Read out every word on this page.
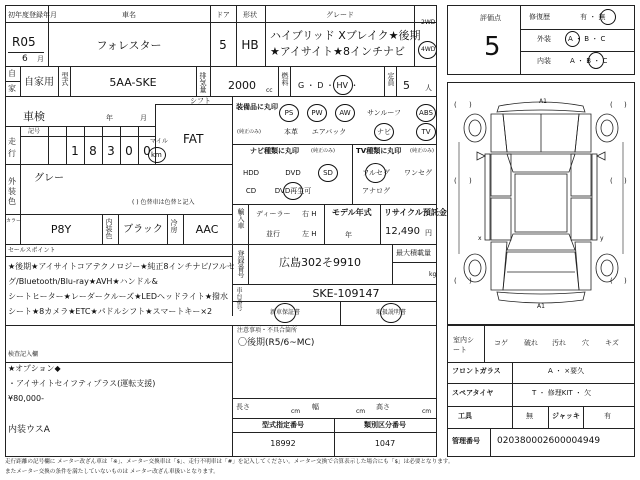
初年度登録年月
R05
6 月
車名
フォレスター
ドア
5
形状
HB
グレード
ハイブリッド Xブレイク★後期
★アイサイト★8インチナビ
2WD
4WD
自
家
自家用 型式	5AA-SKE	排気量 2000 cc
燃料 G ・ D ・ HV ・	定員 5 人
シフト
車検	年	月
FAT
走
行
記号
1 8 3 0 0
マイル
km
外
装
色
グレー
( ) 色替車は色替と記入
カラー
P8Y	内装色 ブラック 冷房 AAC
装備品に丸印
(純正のみ)
PS	PW AW サンルーフ	ABS
本革 エアバック	ナビ	TV
ナビ種類に丸印 (純正のみ)
HDD	DVD	SD
CD	DVD再生可
TV種類に丸印 (純正のみ)
フルセグ ワンセグ
アナログ
輸入車 ディーラー
並行
右 H
左 H
モデル年式
年
リサイクル預託金
12,490 円
セールスポイント
★後期★アイサイトコアテクノロジー★純正8インチナビ/フルセ
グ/Bluetooth/Blu-ray★AVH★ハンドル&
シートヒーター★レーダークルーズ★LEDヘッドライト★撥水
シート★8カメラ★ETC★パドルシフト★スマートキー×2
登録番号	広島302そ9910
最大積載量
kg
車台番号	SKE-109147
新車保証書	取扱説明書
注意事項・不具合箇所
〇後期(R5/6~MC)
検査記入欄
★オプション◆
・アイサイトセイフティプラス(運転支援)
¥80,000-
内装ウスA
長さ
cm
幅
cm
高さ
cm
型式指定番号
18992
類別区分番号
1047
評価点
5
修復歴	有 ・ 無
外装 A ・ B ・ C
内装	A ・ B ・ C
( )	( )
( )	( )
( )	( )
A1
A1
x	y
室内シート
コゲ 破れ 汚れ 穴 キズ
フロントガラス	A ・ ×要久
スペアタイヤ	T ・ 修理KIT ・ 欠
工具	無	ジャッキ	有
管理番号 020380002600004949
走行距離の記号欄に メーター改ざん車は「※」、メーター交換車は「$」、走行不明車は「#」を記入してください。メーター交換で合算表示した場合にも「$」は必要となります。
またメーター交換の条件を満たしていないものは メーター改ざん車扱いとなります。
